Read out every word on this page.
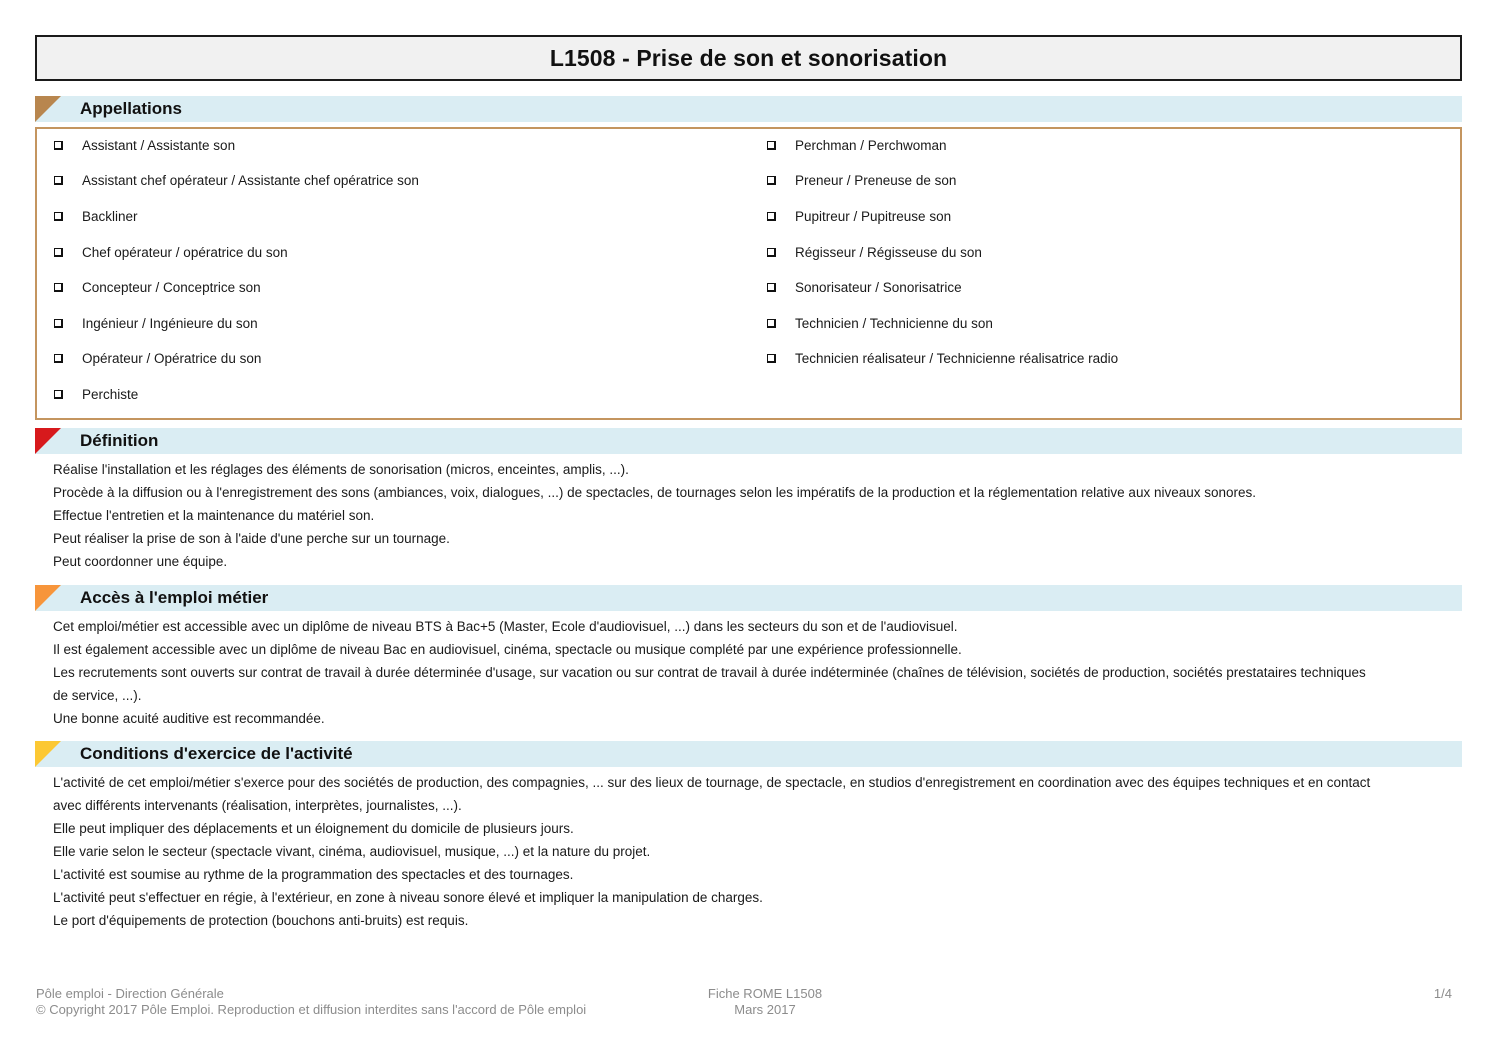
L1508 - Prise de son et sonorisation
Appellations
Assistant / Assistante son
Assistant chef opérateur / Assistante chef opératrice son
Backliner
Chef opérateur / opératrice du son
Concepteur / Conceptrice son
Ingénieur / Ingénieure du son
Opérateur / Opératrice du son
Perchiste
Perchman / Perchwoman
Preneur / Preneuse de son
Pupitreur / Pupitreuse son
Régisseur / Régisseuse du son
Sonorisateur / Sonorisatrice
Technicien / Technicienne du son
Technicien réalisateur / Technicienne réalisatrice radio
Définition

Réalise l'installation et les réglages des éléments de sonorisation (micros, enceintes, amplis, ...).

Procède à la diffusion ou à l'enregistrement des sons (ambiances, voix, dialogues, ...) de spectacles, de tournages selon les impératifs de la production et la réglementation relative aux niveaux sonores.

Effectue l'entretien et la maintenance du matériel son.

Peut réaliser la prise de son à l'aide d'une perche sur un tournage.

Peut coordonner une équipe.

Accès à l'emploi métier

Cet emploi/métier est accessible avec un diplôme de niveau BTS à Bac+5 (Master, Ecole d'audiovisuel, ...) dans les secteurs du son et de l'audiovisuel.

Il est également accessible avec un diplôme de niveau Bac en audiovisuel, cinéma, spectacle ou musique complété par une expérience professionnelle.

Les recrutements sont ouverts sur contrat de travail à durée déterminée d'usage, sur vacation ou sur contrat de travail à durée indéterminée (chaînes de télévision, sociétés de production, sociétés prestataires techniques

de service, ...).

Une bonne acuité auditive est recommandée.

Conditions d'exercice de l'activité

L'activité de cet emploi/métier s'exerce pour des sociétés de production, des compagnies, ... sur des lieux de tournage, de spectacle, en studios d'enregistrement en coordination avec des équipes techniques et en contact

avec différents intervenants (réalisation, interprètes, journalistes, ...).

Elle peut impliquer des déplacements et un éloignement du domicile de plusieurs jours.

Elle varie selon le secteur (spectacle vivant, cinéma, audiovisuel, musique, ...) et la nature du projet.

L'activité est soumise au rythme de la programmation des spectacles et des tournages.

L'activité peut s'effectuer en régie, à l'extérieur, en zone à niveau sonore élevé et impliquer la manipulation de charges.

Le port d'équipements de protection (bouchons anti-bruits) est requis.

Pôle emploi - Direction Générale
© Copyright 2017 Pôle Emploi. Reproduction et diffusion interdites sans l'accord de Pôle emploi
Fiche ROME L1508
Mars 2017
1/4
